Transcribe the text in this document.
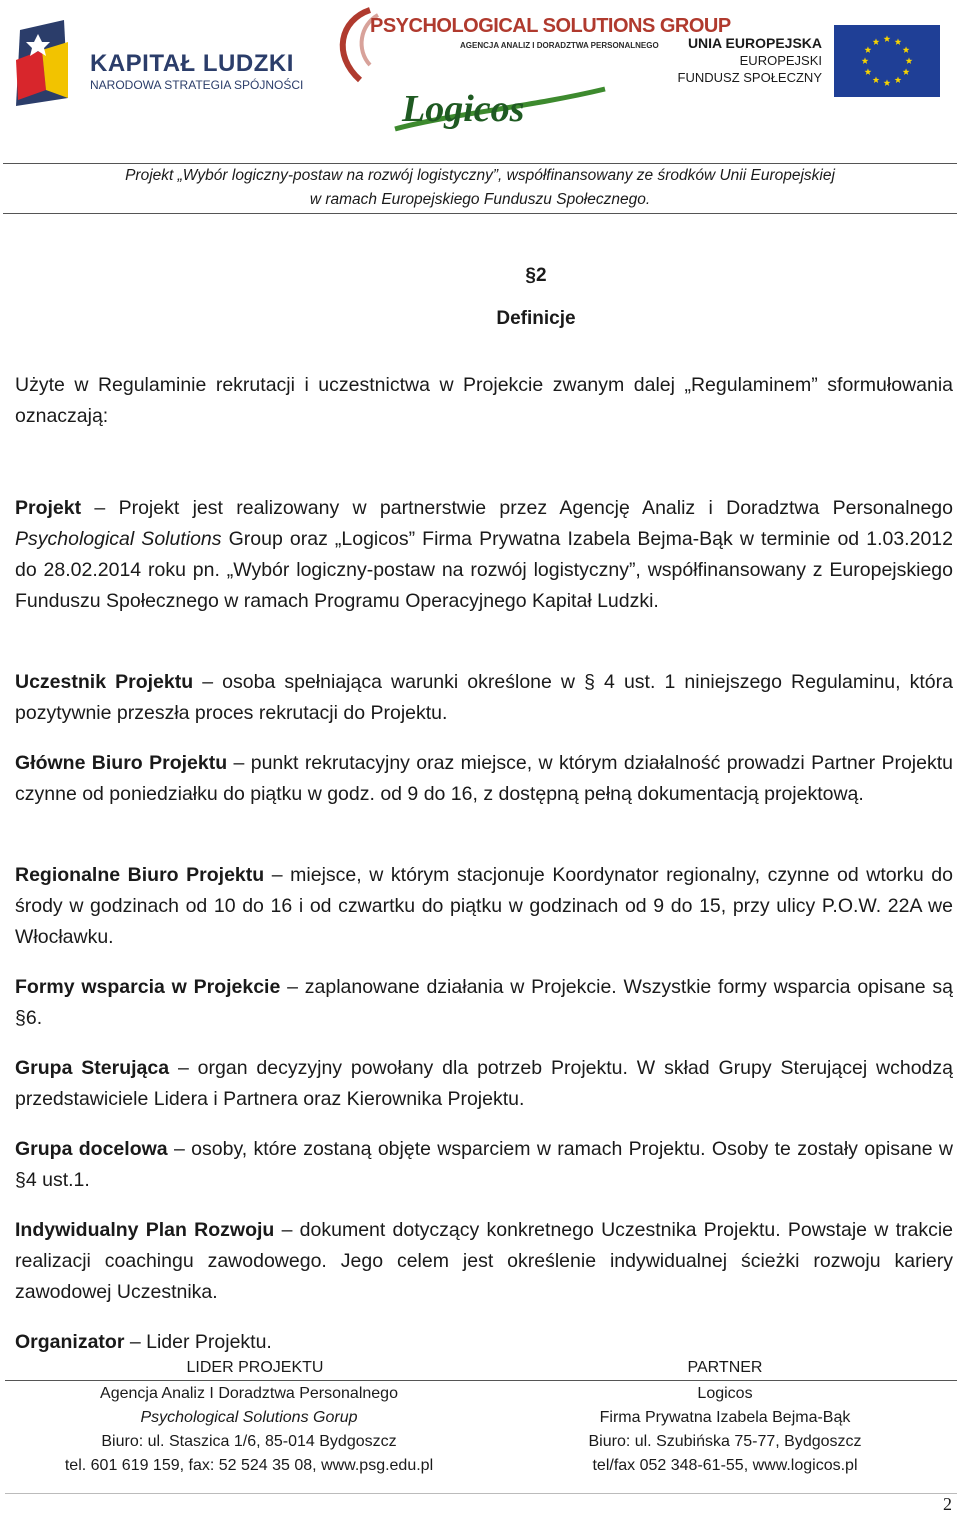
KAPITAŁ LUDZKI
NARODOWA STRATEGIA SPÓJNOŚCI
PSYCHOLOGICAL SOLUTIONS GROUP
AGENCJA ANALIZ I DORADZTWA PERSONALNEGO
Logicos
UNIA EUROPEJSKA
EUROPEJSKI
FUNDUSZ SPOŁECZNY
Projekt „Wybór logiczny-postaw na rozwój logistyczny”, współfinansowany ze środków Unii Europejskiej
w ramach Europejskiego Funduszu Społecznego.
§2
Definicje
Użyte w Regulaminie rekrutacji i uczestnictwa w Projekcie zwanym dalej „Regulaminem” sformułowania oznaczają:
Projekt – Projekt jest realizowany w partnerstwie przez Agencję Analiz i Doradztwa Personalnego Psychological Solutions Group oraz „Logicos” Firma Prywatna Izabela Bejma-Bąk w terminie od 1.03.2012 do 28.02.2014 roku pn. „Wybór logiczny-postaw na rozwój logistyczny”, współfinansowany z Europejskiego Funduszu Społecznego w ramach Programu Operacyjnego Kapitał Ludzki.
Uczestnik Projektu – osoba spełniająca warunki określone w § 4 ust. 1 niniejszego Regulaminu, która pozytywnie przeszła proces rekrutacji do Projektu.
Główne Biuro Projektu – punkt rekrutacyjny oraz miejsce, w którym działalność prowadzi Partner Projektu czynne od poniedziałku do piątku w godz. od 9 do 16, z dostępną pełną dokumentacją projektową.
Regionalne Biuro Projektu – miejsce, w którym stacjonuje Koordynator regionalny, czynne od wtorku do środy w godzinach od 10 do 16 i od czwartku do piątku w godzinach od 9 do 15, przy ulicy P.O.W. 22A we Włocławku.
Formy wsparcia w Projekcie – zaplanowane działania w Projekcie. Wszystkie formy wsparcia opisane są §6.
Grupa Sterująca – organ decyzyjny powołany dla potrzeb Projektu. W skład Grupy Sterującej wchodzą przedstawiciele Lidera i Partnera oraz Kierownika Projektu.
Grupa docelowa – osoby, które zostaną objęte wsparciem w ramach Projektu. Osoby te zostały opisane w §4 ust.1.
Indywidualny Plan Rozwoju – dokument dotyczący konkretnego Uczestnika Projektu. Powstaje w trakcie realizacji coachingu zawodowego. Jego celem jest określenie indywidualnej ścieżki rozwoju kariery zawodowej Uczestnika.
Organizator – Lider Projektu.
LIDER PROJEKTU	PARTNER
Agencja Analiz I Doradztwa Personalnego
Psychological Solutions Gorup
Biuro: ul. Staszica 1/6, 85-014 Bydgoszcz
tel. 601 619 159, fax: 52 524 35 08, www.psg.edu.pl
Logicos
Firma Prywatna Izabela Bejma-Bąk
Biuro: ul. Szubińska 75-77, Bydgoszcz
tel/fax 052 348-61-55, www.logicos.pl
2
